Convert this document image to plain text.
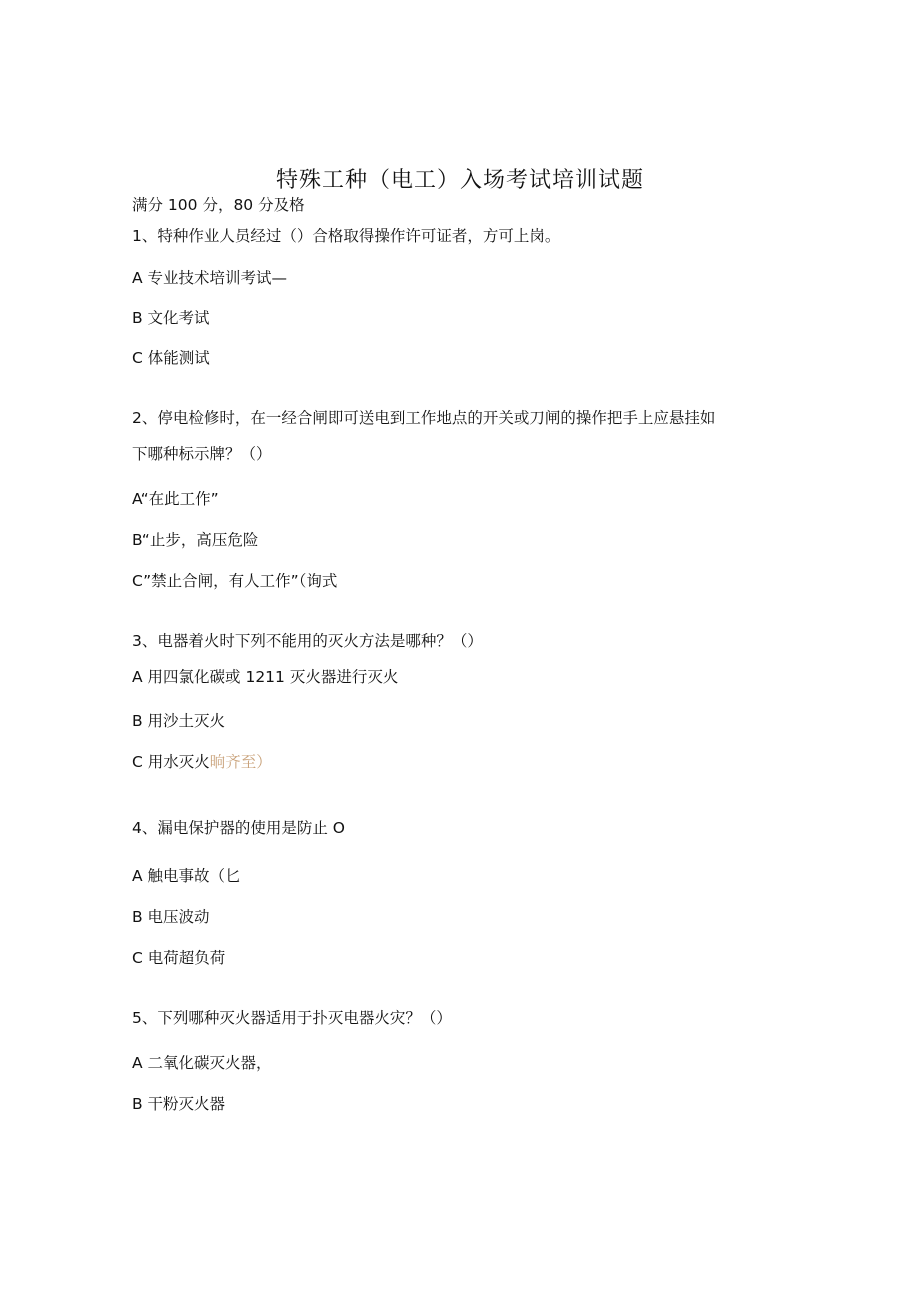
特殊工种（电工）入场考试培训试题
满分 100 分，80 分及格
1、特种作业人员经过（）合格取得操作许可证者，方可上岗。
A 专业技术培训考试—
B 文化考试
C 体能测试
2、停电检修时，在一经合闸即可送电到工作地点的开关或刀闸的操作把手上应悬挂如
下哪种标示牌？（）
A“在此工作”
B“止步，高压危险
C”禁止合闸，有人工作”（询式
3、电器着火时下列不能用的灭火方法是哪种？（）
A 用四氯化碳或 1211 灭火器进行灭火
B 用沙土灭火
C 用水灭火晌齐至）
4、漏电保护器的使用是防止 O
A 触电事故（匕
B 电压波动
C 电荷超负荷
5、下列哪种灭火器适用于扑灭电器火灾？（）
A 二氧化碳灭火器，
B 干粉灭火器
